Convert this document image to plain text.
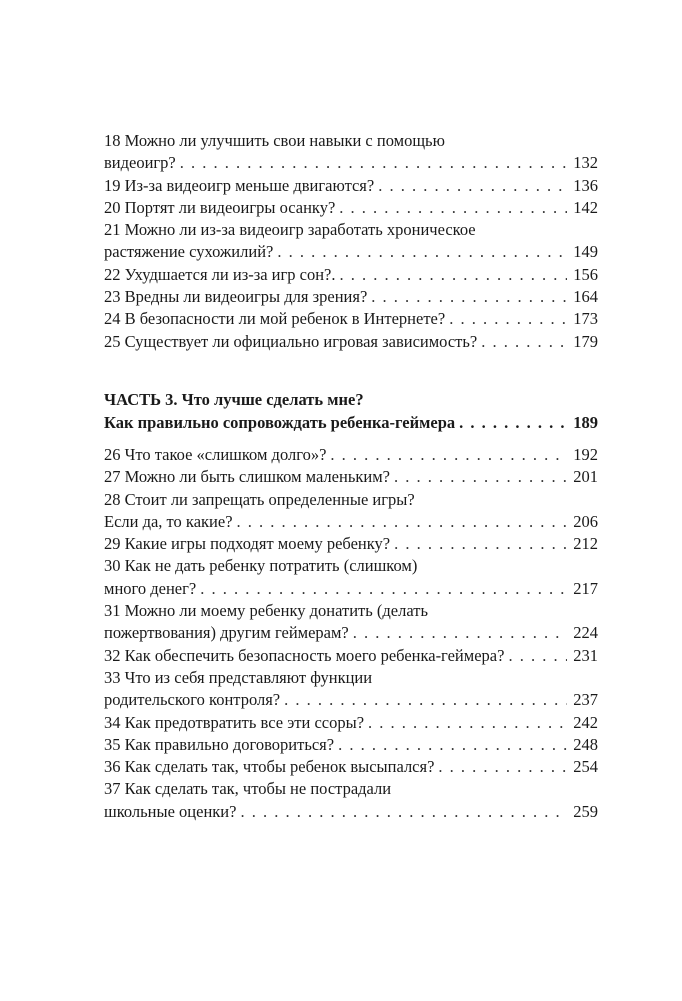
18 Можно ли улучшить свои навыки с помощью
видеоигр? . . .	132
19 Из-за видеоигр меньше двигаются? . . .	136
20 Портят ли видеоигры осанку? . . .	142
21 Можно ли из-за видеоигр заработать хроническое
растяжение сухожилий? . . .	149
22 Ухудшается ли из-за игр сон?. . . .	156
23 Вредны ли видеоигры для зрения? . . .	164
24 В безопасности ли мой ребенок в Интернете? . . .	173
25 Существует ли официально игровая зависимость? . . .	179
ЧАСТЬ 3. Что лучше сделать мне?
Как правильно сопровождать ребенка-геймера . . .	189
26 Что такое «слишком долго»? . . .	192
27 Можно ли быть слишком маленьким? . . .	201
28 Стоит ли запрещать определенные игры?
Если да, то какие? . . .	206
29 Какие игры подходят моему ребенку? . . .	212
30 Как не дать ребенку потратить (слишком)
много денег? . . .	217
31 Можно ли моему ребенку донатить (делать
пожертвования) другим геймерам? . . .	224
32 Как обеспечить безопасность моего ребенка-геймера? . . .	231
33 Что из себя представляют функции
родительского контроля? . . .	237
34 Как предотвратить все эти ссоры? . . .	242
35 Как правильно договориться? . . .	248
36 Как сделать так, чтобы ребенок высыпался? . . .	254
37 Как сделать так, чтобы не пострадали
школьные оценки? . . .	259
